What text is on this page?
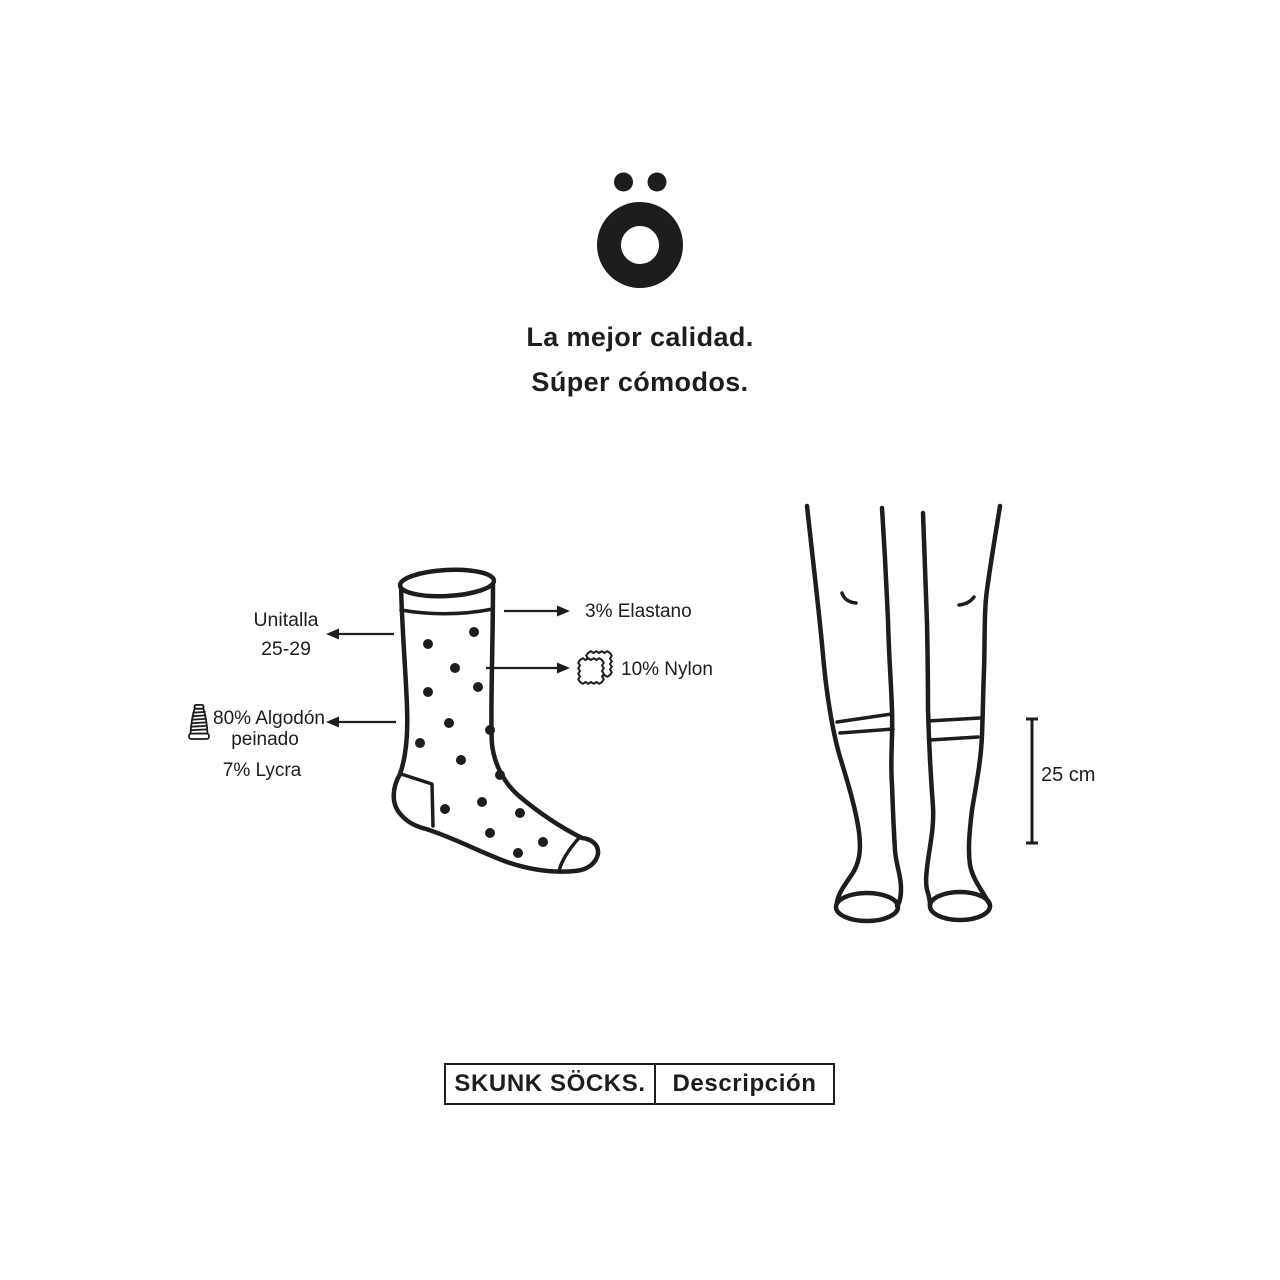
La mejor calidad.
Súper cómodos.
Unitalla
25-29
80% Algodón
peinado
7% Lycra
3% Elastano
10% Nylon
25 cm
SKUNK SÖCKS.	Descripción
